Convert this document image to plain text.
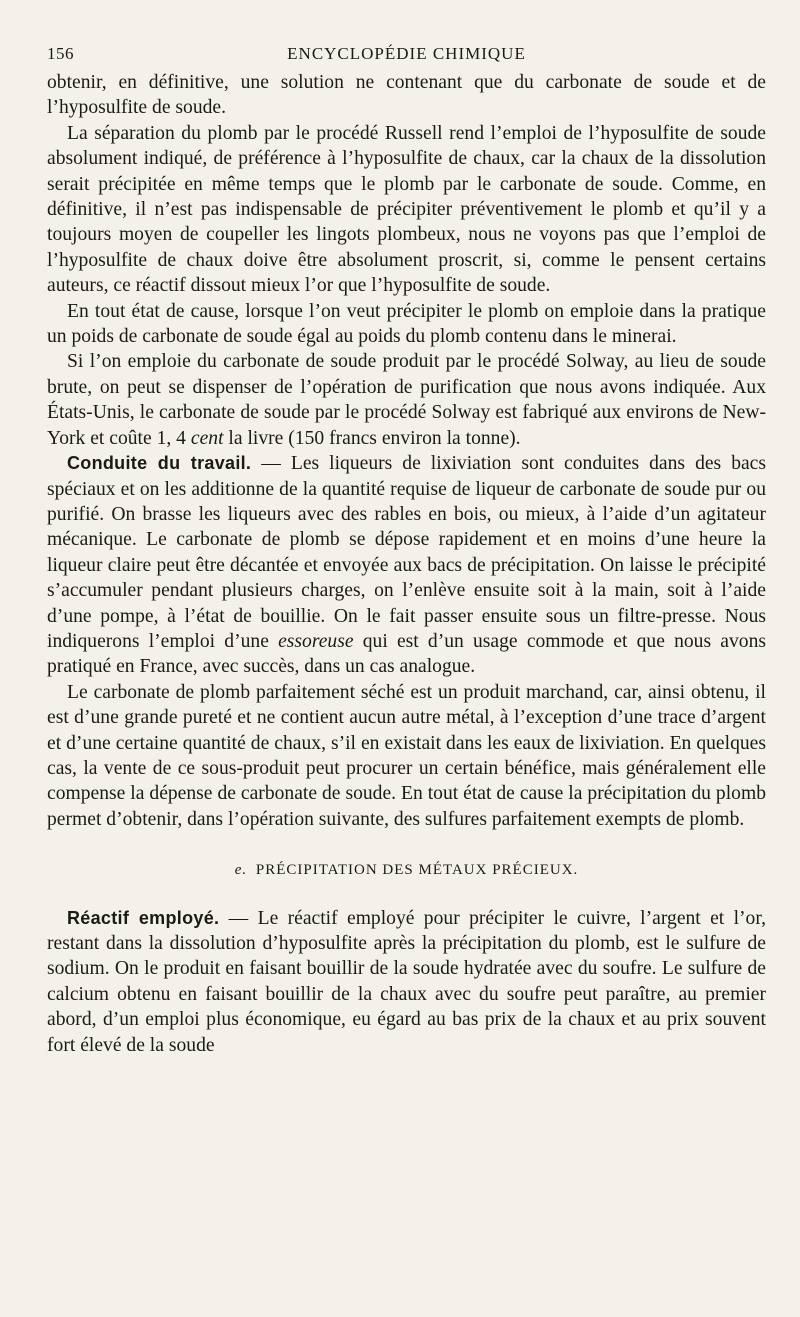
156	ENCYCLOPÉDIE CHIMIQUE

obtenir, en définitive, une solution ne contenant que du carbonate de soude et de l’hyposulfite de soude.

La séparation du plomb par le procédé Russell rend l’emploi de l’hyposulfite de soude absolument indiqué, de préférence à l’hyposulfite de chaux, car la chaux de la dissolution serait précipitée en même temps que le plomb par le carbonate de soude. Comme, en définitive, il n’est pas indispensable de précipiter préventivement le plomb et qu’il y a toujours moyen de coupeller les lingots plombeux, nous ne voyons pas que l’emploi de l’hyposulfite de chaux doive être absolument proscrit, si, comme le pensent certains auteurs, ce réactif dissout mieux l’or que l’hyposulfite de soude.

En tout état de cause, lorsque l’on veut précipiter le plomb on emploie dans la pratique un poids de carbonate de soude égal au poids du plomb contenu dans le minerai.

Si l’on emploie du carbonate de soude produit par le procédé Solway, au lieu de soude brute, on peut se dispenser de l’opération de purification que nous avons indiquée. Aux États-Unis, le carbonate de soude par le procédé Solway est fabriqué aux environs de New-York et coûte 1, 4 cent la livre (150 francs environ la tonne).

Conduite du travail. — Les liqueurs de lixiviation sont conduites dans des bacs spéciaux et on les additionne de la quantité requise de liqueur de carbonate de soude pur ou purifié. On brasse les liqueurs avec des rables en bois, ou mieux, à l’aide d’un agitateur mécanique. Le carbonate de plomb se dépose rapidement et en moins d’une heure la liqueur claire peut être décantée et envoyée aux bacs de précipitation. On laisse le précipité s’accumuler pendant plusieurs charges, on l’enlève ensuite soit à la main, soit à l’aide d’une pompe, à l’état de bouillie. On le fait passer ensuite sous un filtre-presse. Nous indiquerons l’emploi d’une essoreuse qui est d’un usage commode et que nous avons pratiqué en France, avec succès, dans un cas analogue.

Le carbonate de plomb parfaitement séché est un produit marchand, car, ainsi obtenu, il est d’une grande pureté et ne contient aucun autre métal, à l’exception d’une trace d’argent et d’une certaine quantité de chaux, s’il en existait dans les eaux de lixiviation. En quelques cas, la vente de ce sous-produit peut procurer un certain bénéfice, mais généralement elle compense la dépense de carbonate de soude. En tout état de cause la précipitation du plomb permet d’obtenir, dans l’opération suivante, des sulfures parfaitement exempts de plomb.

e. PRÉCIPITATION DES MÉTAUX PRÉCIEUX.

Réactif employé. — Le réactif employé pour précipiter le cuivre, l’argent et l’or, restant dans la dissolution d’hyposulfite après la précipitation du plomb, est le sulfure de sodium. On le produit en faisant bouillir de la soude hydratée avec du soufre. Le sulfure de calcium obtenu en faisant bouillir de la chaux avec du soufre peut paraître, au premier abord, d’un emploi plus économique, eu égard au bas prix de la chaux et au prix souvent fort élevé de la soude
